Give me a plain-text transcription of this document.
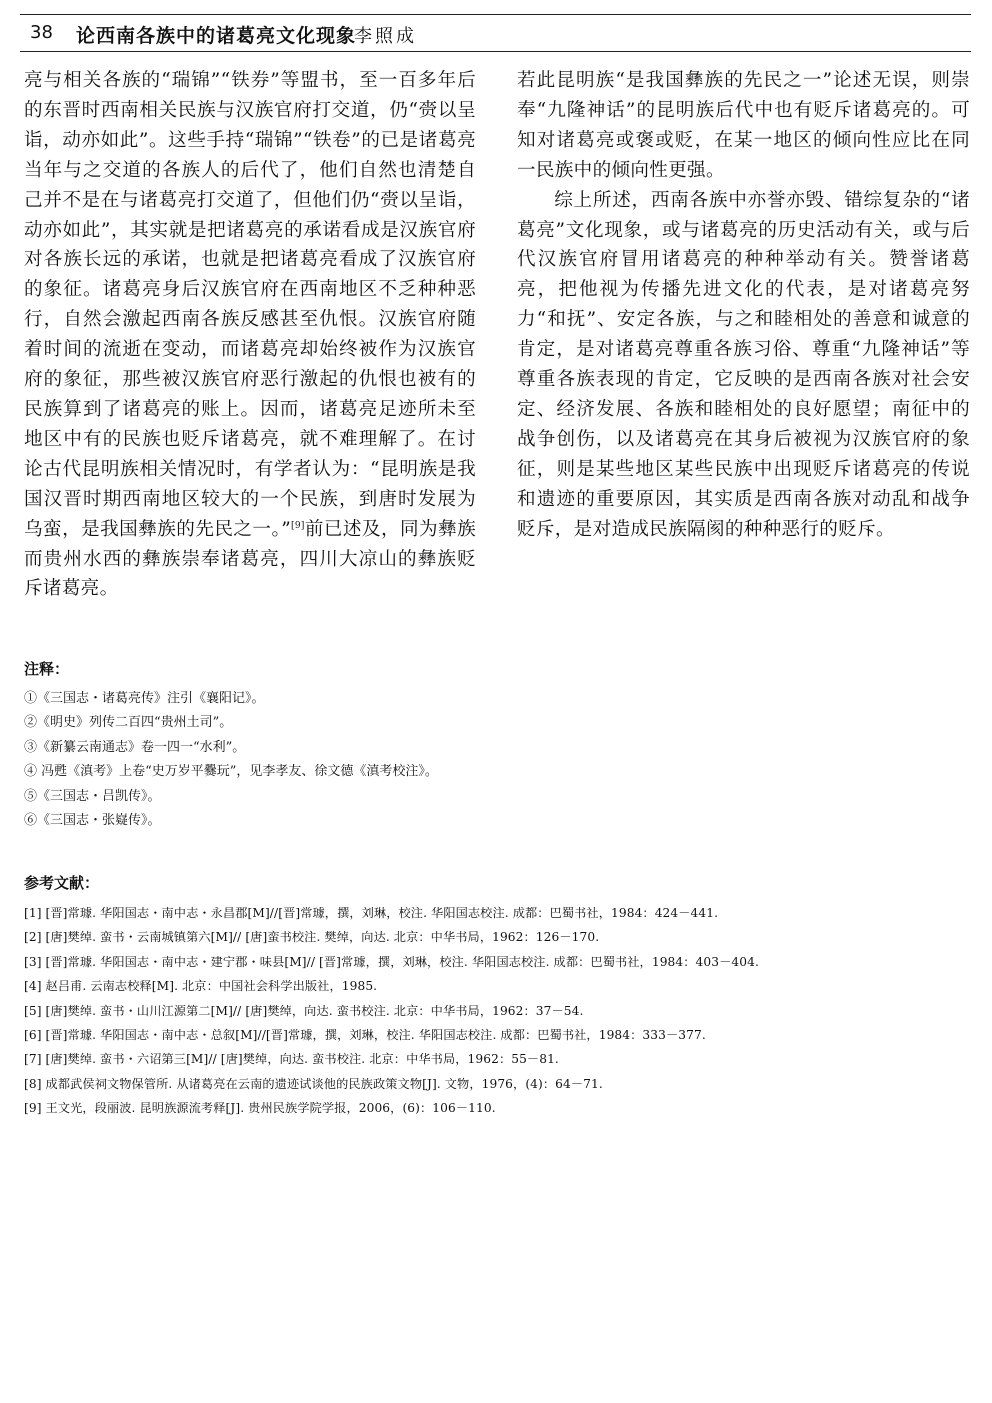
38 论西南各族中的诸葛亮文化现象
李照成

亮与相关各族的“瑞锦”“铁券”等盟书，至一百多年后的东晋时西南相关民族与汉族官府打交道，仍“赍以呈诣，动亦如此”。这些手持“瑞锦”“铁卷”的已是诸葛亮当年与之交道的各族人的后代了，他们自然也清楚自己并不是在与诸葛亮打交道了，但他们仍“赍以呈诣，动亦如此”，其实就是把诸葛亮的承诺看成是汉族官府对各族长远的承诺，也就是把诸葛亮看成了汉族官府的象征。诸葛亮身后汉族官府在西南地区不乏种种恶行，自然会激起西南各族反感甚至仇恨。汉族官府随着时间的流逝在变动，而诸葛亮却始终被作为汉族官府的象征，那些被汉族官府恶行激起的仇恨也被有的民族算到了诸葛亮的账上。因而，诸葛亮足迹所未至地区中有的民族也贬斥诸葛亮，就不难理解了。在讨论古代昆明族相关情况时，有学者认为：“昆明族是我国汉晋时期西南地区较大的一个民族，到唐时发展为乌蛮，是我国彝族的先民之一。”[9]前已述及，同为彝族而贵州水西的彝族崇奉诸葛亮，四川大凉山的彝族贬斥诸葛亮。

若此昆明族“是我国彝族的先民之一”论述无误，则崇奉“九隆神话”的昆明族后代中也有贬斥诸葛亮的。可知对诸葛亮或褒或贬，在某一地区的倾向性应比在同一民族中的倾向性更强。

综上所述，西南各族中亦誉亦毁、错综复杂的“诸葛亮”文化现象，或与诸葛亮的历史活动有关，或与后代汉族官府冒用诸葛亮的种种举动有关。赞誉诸葛亮，把他视为传播先进文化的代表，是对诸葛亮努力“和抚”、安定各族，与之和睦相处的善意和诚意的肯定，是对诸葛亮尊重各族习俗、尊重“九隆神话”等尊重各族表现的肯定，它反映的是西南各族对社会安定、经济发展、各族和睦相处的良好愿望；南征中的战争创伤，以及诸葛亮在其身后被视为汉族官府的象征，则是某些地区某些民族中出现贬斥诸葛亮的传说和遗迹的重要原因，其实质是西南各族对动乱和战争贬斥，是对造成民族隔阂的种种恶行的贬斥。

注释：
①《三国志・诸葛亮传》注引《襄阳记》。
②《明史》列传二百四“贵州土司”。
③《新纂云南通志》卷一四一“水利”。
④ 冯甦《滇考》上卷“史万岁平爨玩”，见李孝友、徐文德《滇考校注》。
⑤《三国志・吕凯传》。
⑥《三国志・张嶷传》。
参考文献：
[1] [晋]常璩. 华阳国志・南中志・永昌郡[M]//[晋]常璩，撰，刘琳，校注. 华阳国志校注. 成都：巴蜀书社，1984：424－441.
[2] [唐]樊绰. 蛮书・云南城镇第六[M]// [唐]蛮书校注. 樊绰，向达. 北京：中华书局，1962：126－170.
[3] [晋]常璩. 华阳国志・南中志・建宁郡・味县[M]// [晋]常璩，撰，刘琳，校注. 华阳国志校注. 成都：巴蜀书社，1984：403－404.
[4] 赵吕甫. 云南志校释[M]. 北京：中国社会科学出版社，1985.
[5] [唐]樊绰. 蛮书・山川江源第二[M]// [唐]樊绰，向达. 蛮书校注. 北京：中华书局，1962：37－54.
[6] [晋]常璩. 华阳国志・南中志・总叙[M]//[晋]常璩，撰，刘琳，校注. 华阳国志校注. 成都：巴蜀书社，1984：333－377.
[7] [唐]樊绰. 蛮书・六诏第三[M]// [唐]樊绰，向达. 蛮书校注. 北京：中华书局，1962：55－81.
[8] 成都武侯祠文物保管所. 从诸葛亮在云南的遗迹试谈他的民族政策文物[J]. 文物，1976，(4)：64－71.
[9] 王文光，段丽波. 昆明族源流考释[J]. 贵州民族学院学报，2006，(6)：106－110.
